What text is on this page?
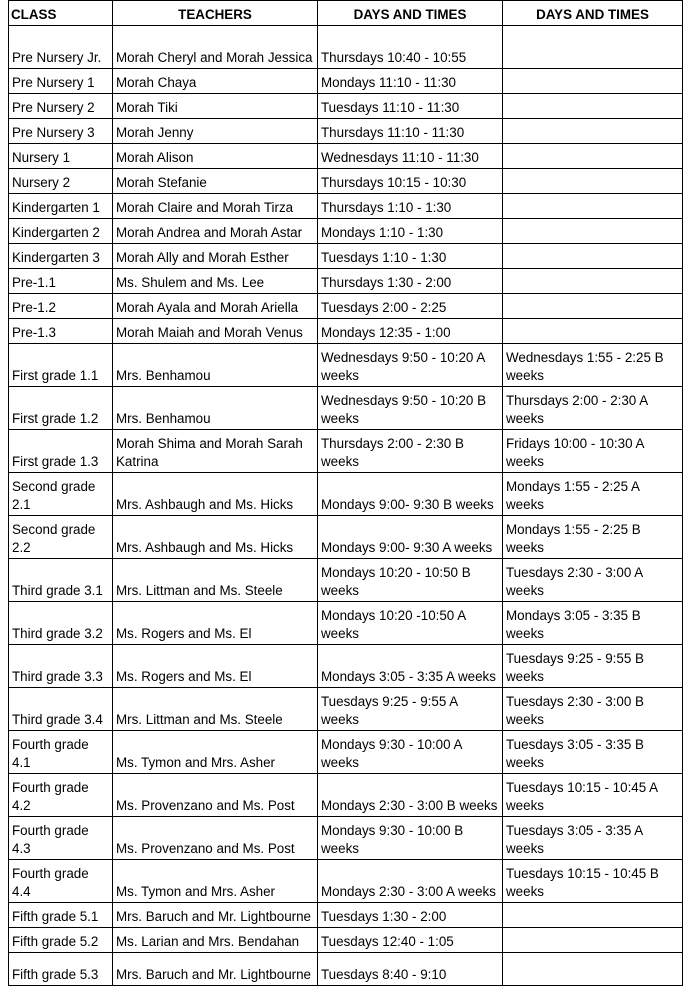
CLASS	TEACHERS	DAYS AND TIMES	DAYS AND TIMES
Pre Nursery Jr.	Morah Cheryl and Morah Jessica	Thursdays 10:40 - 10:55	
Pre Nursery 1	Morah Chaya	Mondays 11:10 - 11:30	
Pre Nursery 2	Morah Tiki	Tuesdays 11:10 - 11:30	
Pre Nursery 3	Morah Jenny	Thursdays 11:10 - 11:30	
Nursery 1	Morah Alison	Wednesdays 11:10 - 11:30	
Nursery 2	Morah Stefanie	Thursdays 10:15 - 10:30	
Kindergarten 1	Morah Claire and Morah Tirza	Thursdays 1:10 - 1:30	
Kindergarten 2	Morah Andrea and Morah Astar	Mondays 1:10 - 1:30	
Kindergarten 3	Morah Ally and Morah Esther	Tuesdays 1:10 - 1:30	
Pre-1.1	Ms. Shulem and Ms. Lee	Thursdays 1:30 - 2:00	
Pre-1.2	Morah Ayala and Morah Ariella	Tuesdays 2:00 - 2:25	
Pre-1.3	Morah Maiah and Morah Venus	Mondays 12:35 - 1:00	
First grade 1.1	Mrs. Benhamou	Wednesdays 9:50 - 10:20 A weeks	Wednesdays 1:55 - 2:25 B weeks
First grade 1.2	Mrs. Benhamou	Wednesdays 9:50 - 10:20 B weeks	Thursdays 2:00 - 2:30 A weeks
First grade 1.3	Morah Shima and Morah Sarah Katrina	Thursdays 2:00 - 2:30 B weeks	Fridays 10:00 - 10:30 A weeks
Second grade 2.1	Mrs. Ashbaugh and Ms. Hicks	Mondays 9:00- 9:30 B weeks	Mondays 1:55 - 2:25 A weeks
Second grade 2.2	Mrs. Ashbaugh and Ms. Hicks	Mondays 9:00- 9:30 A weeks	Mondays 1:55 - 2:25 B weeks
Third grade 3.1	Mrs. Littman and Ms. Steele	Mondays 10:20 - 10:50 B weeks	Tuesdays 2:30 - 3:00 A weeks
Third grade 3.2	Ms. Rogers and Ms. El	Mondays 10:20 -10:50 A weeks	Mondays 3:05 - 3:35 B weeks
Third grade 3.3	Ms. Rogers and Ms. El	Mondays 3:05 - 3:35 A weeks	Tuesdays 9:25 - 9:55 B weeks
Third grade 3.4	Mrs. Littman and Ms. Steele	Tuesdays 9:25 - 9:55 A weeks	Tuesdays 2:30 - 3:00 B weeks
Fourth grade 4.1	Ms. Tymon and Mrs. Asher	Mondays 9:30 - 10:00 A weeks	Tuesdays 3:05 - 3:35 B weeks
Fourth grade 4.2	Ms. Provenzano and Ms. Post	Mondays 2:30 - 3:00 B weeks	Tuesdays 10:15 - 10:45 A weeks
Fourth grade 4.3	Ms. Provenzano and Ms. Post	Mondays 9:30 - 10:00 B weeks	Tuesdays 3:05 - 3:35 A weeks
Fourth grade 4.4	Ms. Tymon and Mrs. Asher	Mondays 2:30 - 3:00 A weeks	Tuesdays 10:15 - 10:45 B weeks
Fifth grade 5.1	Mrs. Baruch and Mr. Lightbourne	Tuesdays 1:30 - 2:00	
Fifth grade 5.2	Ms. Larian and Mrs. Bendahan	Tuesdays 12:40 - 1:05	
Fifth grade 5.3	Mrs. Baruch and Mr. Lightbourne	Tuesdays 8:40 - 9:10	
